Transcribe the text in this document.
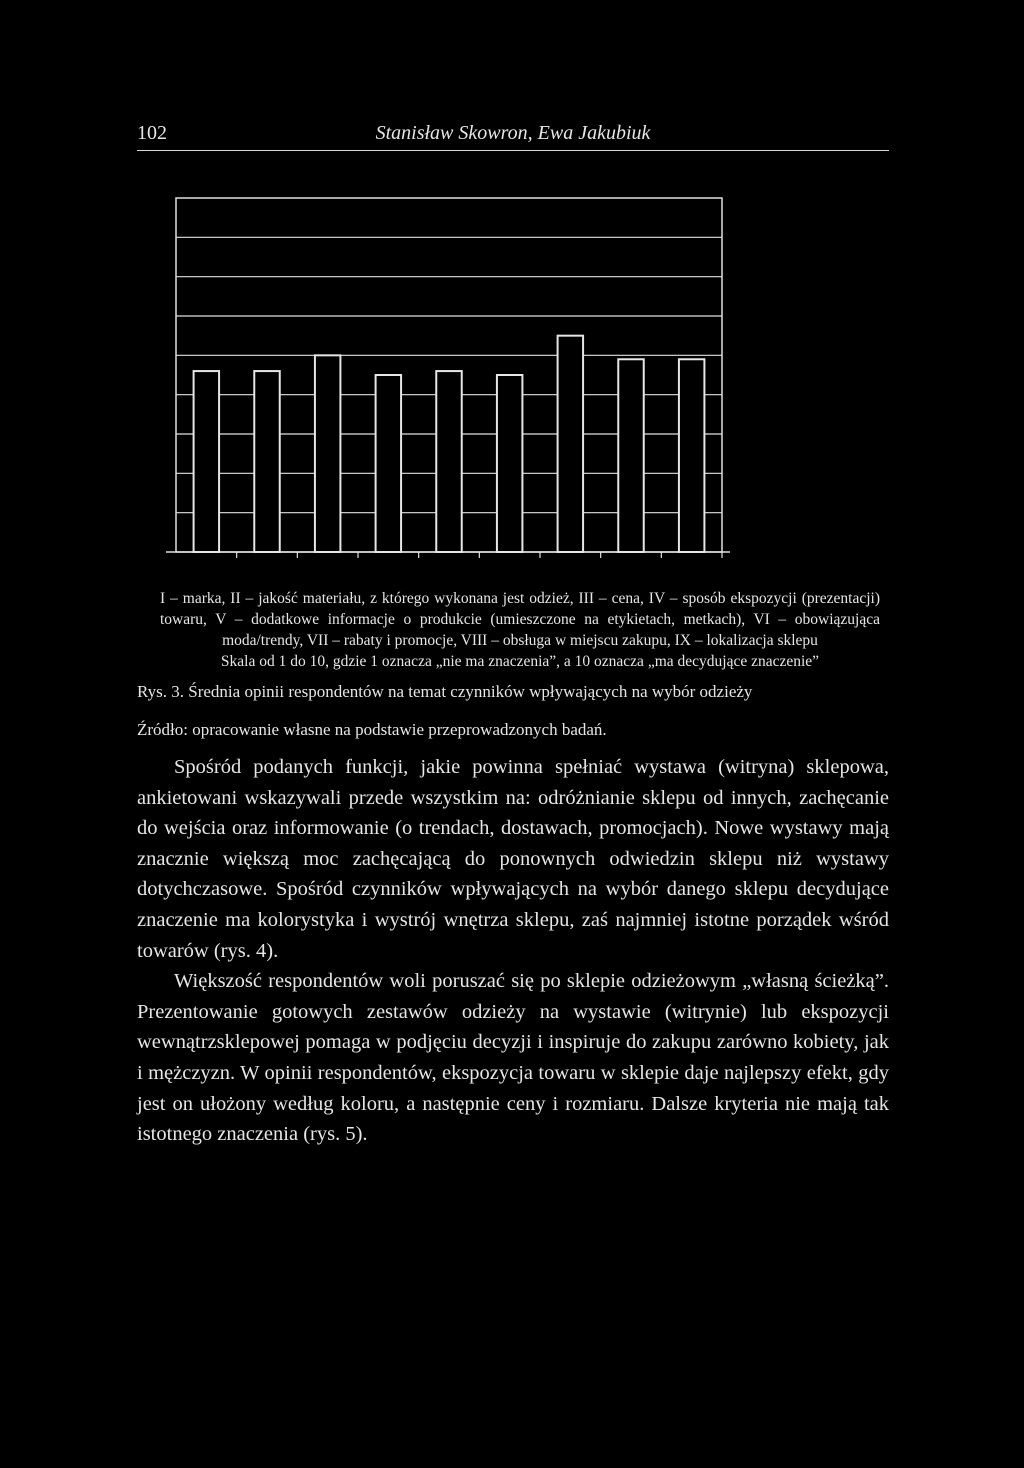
102	Stanisław Skowron, Ewa Jakubiuk
I – marka, II – jakość materiału, z którego wykonana jest odzież, III – cena, IV – sposób ekspozycji (prezentacji) towaru, V – dodatkowe informacje o produkcie (umieszczone na etykietach, metkach), VI – obowiązująca moda/trendy, VII – rabaty i promocje, VIII – obsługa w miejscu zakupu, IX – lokalizacja sklepu
Skala od 1 do 10, gdzie 1 oznacza „nie ma znaczenia”, a 10 oznacza „ma decydujące znaczenie”
Rys. 3. Średnia opinii respondentów na temat czynników wpływających na wybór odzieży
Źródło: opracowanie własne na podstawie przeprowadzonych badań.

Spośród podanych funkcji, jakie powinna spełniać wystawa (witryna) sklepowa, ankietowani wskazywali przede wszystkim na: odróżnianie sklepu od innych, zachęcanie do wejścia oraz informowanie (o trendach, dostawach, promocjach). Nowe wystawy mają znacznie większą moc zachęcającą do ponownych odwiedzin sklepu niż wystawy dotychczasowe. Spośród czynników wpływających na wybór danego sklepu decydujące znaczenie ma kolorystyka i wystrój wnętrza sklepu, zaś najmniej istotne porządek wśród towarów (rys. 4).

Większość respondentów woli poruszać się po sklepie odzieżowym „własną ścieżką”. Prezentowanie gotowych zestawów odzieży na wystawie (witrynie) lub ekspozycji wewnątrzsklepowej pomaga w podjęciu decyzji i inspiruje do zakupu zarówno kobiety, jak i mężczyzn. W opinii respondentów, ekspozycja towaru w sklepie daje najlepszy efekt, gdy jest on ułożony według koloru, a następnie ceny i rozmiaru. Dalsze kryteria nie mają tak istotnego znaczenia (rys. 5).
